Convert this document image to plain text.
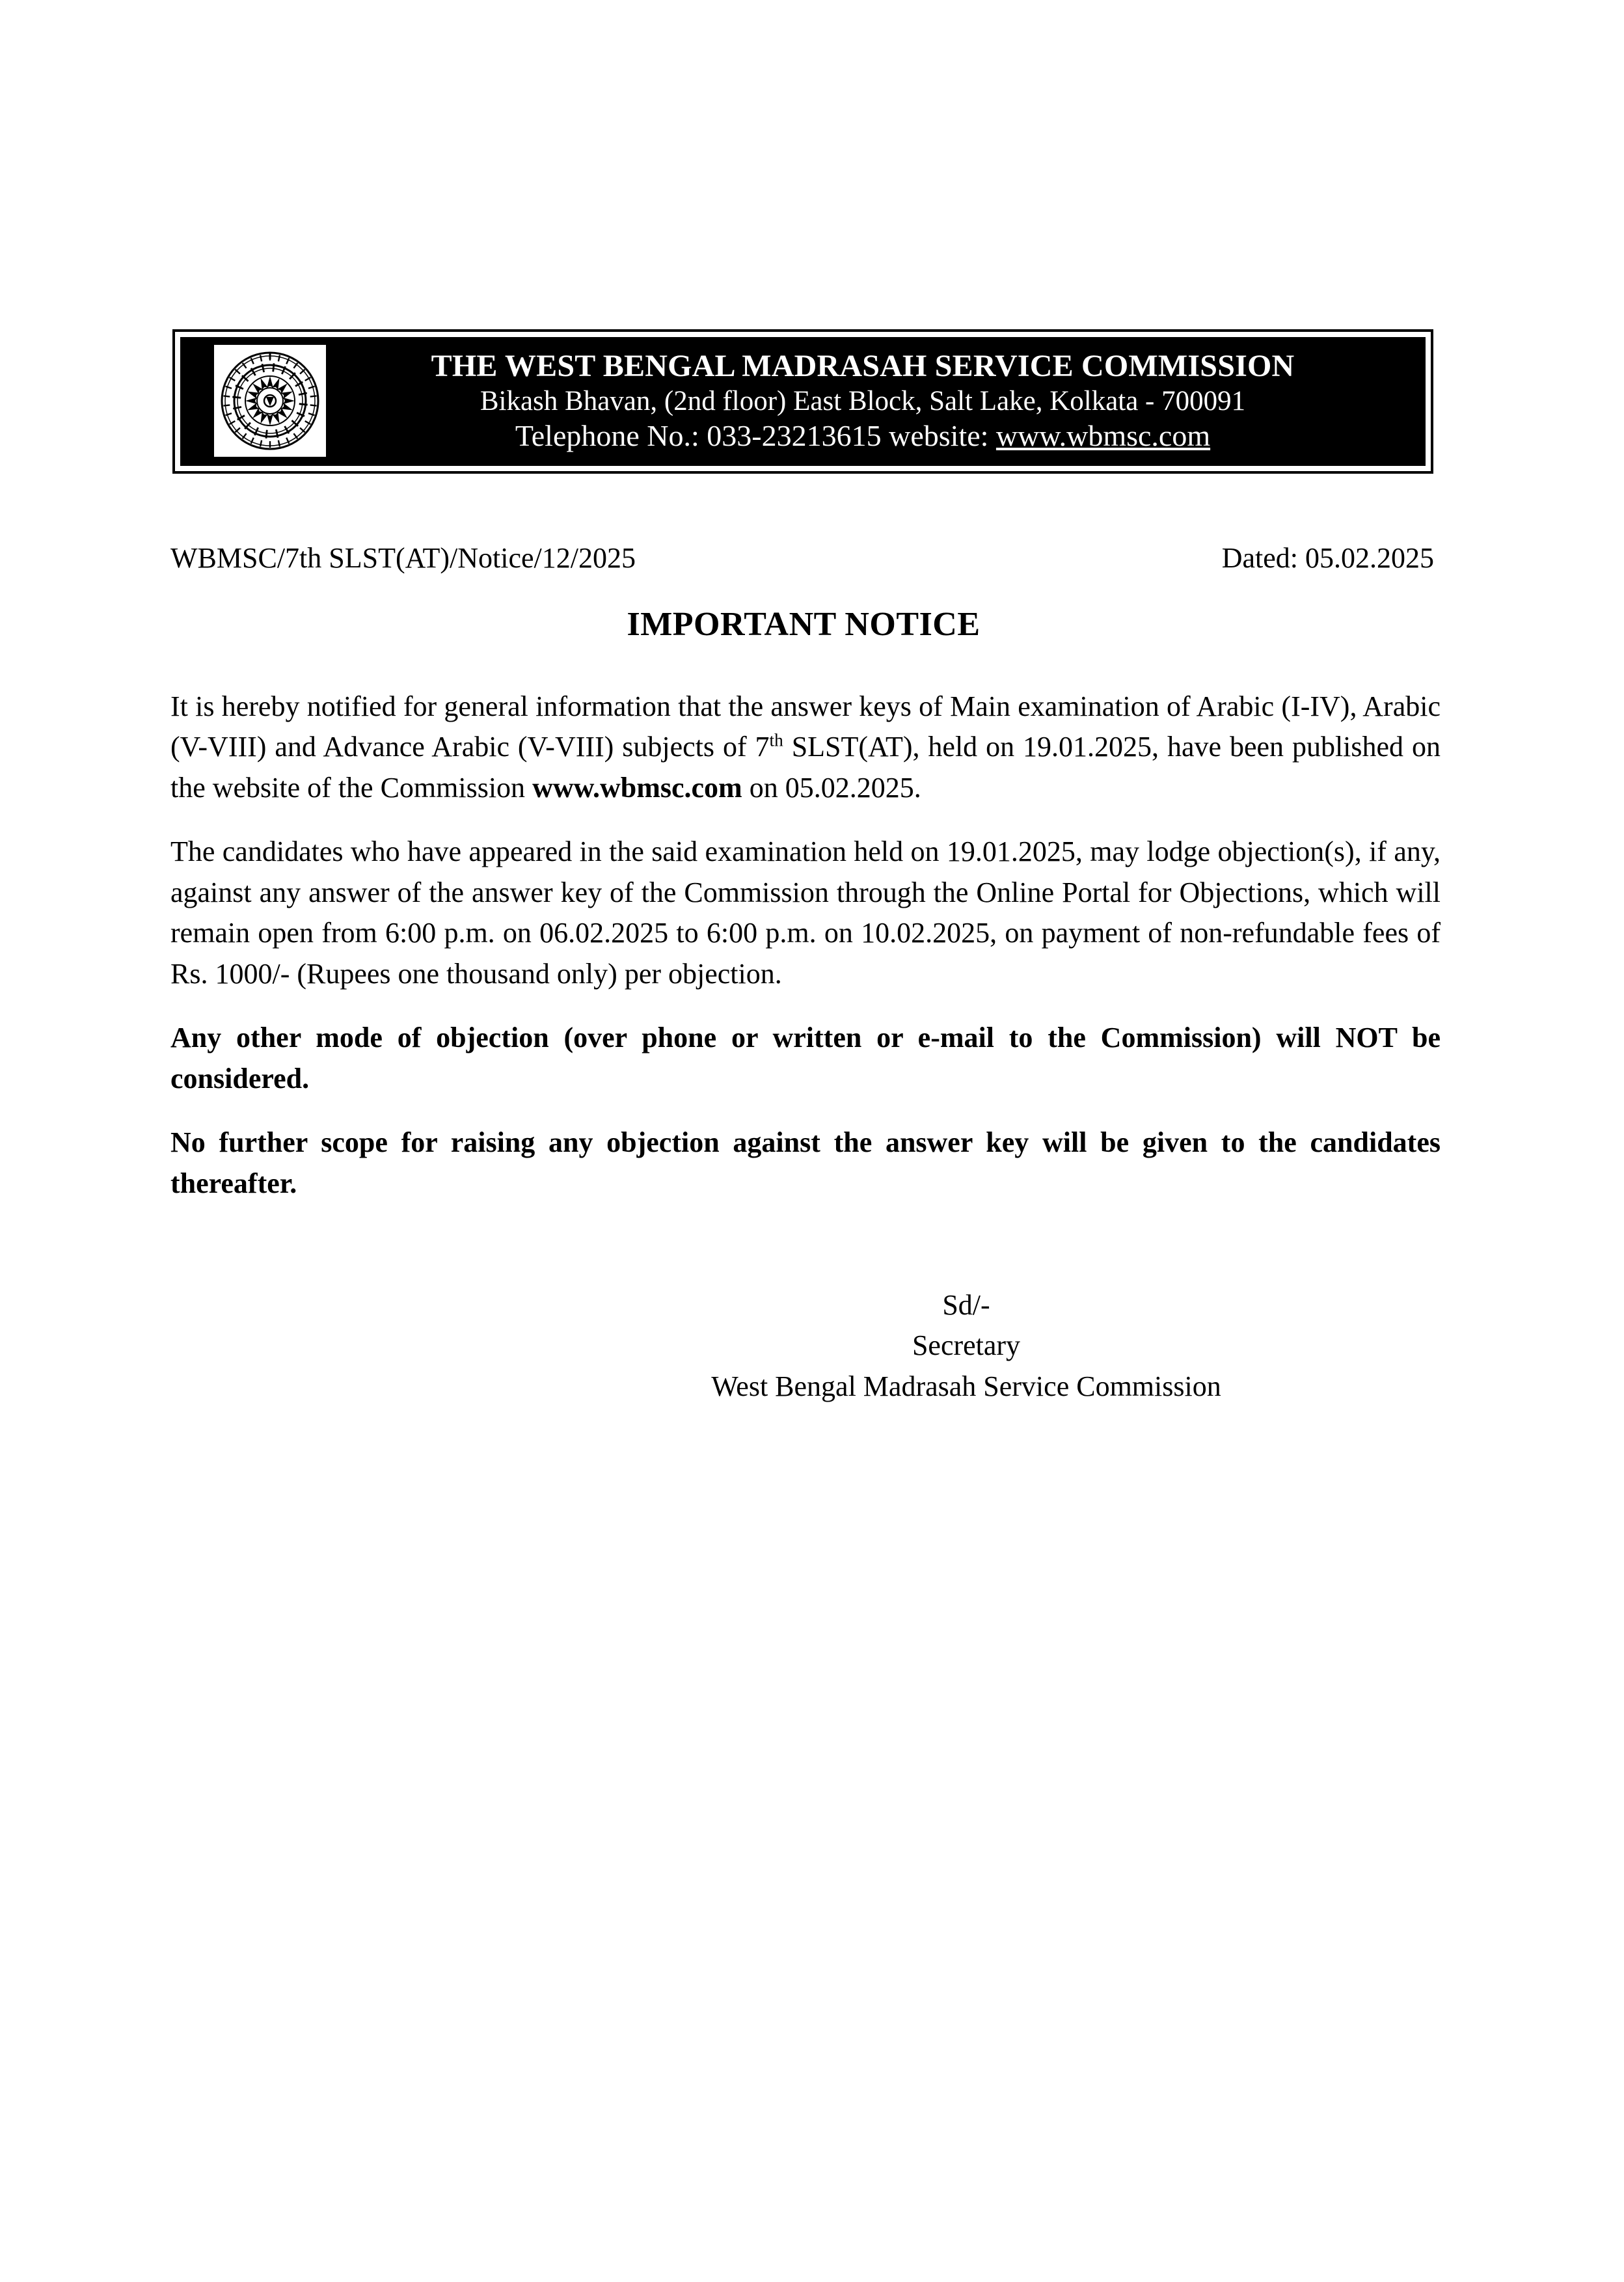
THE WEST BENGAL MADRASAH SERVICE COMMISSION
Bikash Bhavan, (2nd floor) East Block, Salt Lake, Kolkata - 700091
Telephone No.: 033-23213615 website: www.wbmsc.com
WBMSC/7th SLST(AT)/Notice/12/2025	Dated: 05.02.2025
IMPORTANT NOTICE

It is hereby notified for general information that the answer keys of Main examination of Arabic (I-IV), Arabic (V-VIII) and Advance Arabic (V-VIII) subjects of 7th SLST(AT), held on 19.01.2025, have been published on the website of the Commission www.wbmsc.com on 05.02.2025.

The candidates who have appeared in the said examination held on 19.01.2025, may lodge objection(s), if any, against any answer of the answer key of the Commission through the Online Portal for Objections, which will remain open from 6:00 p.m. on 06.02.2025 to 6:00 p.m. on 10.02.2025, on payment of non-refundable fees of Rs. 1000/- (Rupees one thousand only) per objection.

Any other mode of objection (over phone or written or e-mail to the Commission) will NOT be considered.

No further scope for raising any objection against the answer key will be given to the candidates thereafter.

Sd/-
Secretary
West Bengal Madrasah Service Commission
